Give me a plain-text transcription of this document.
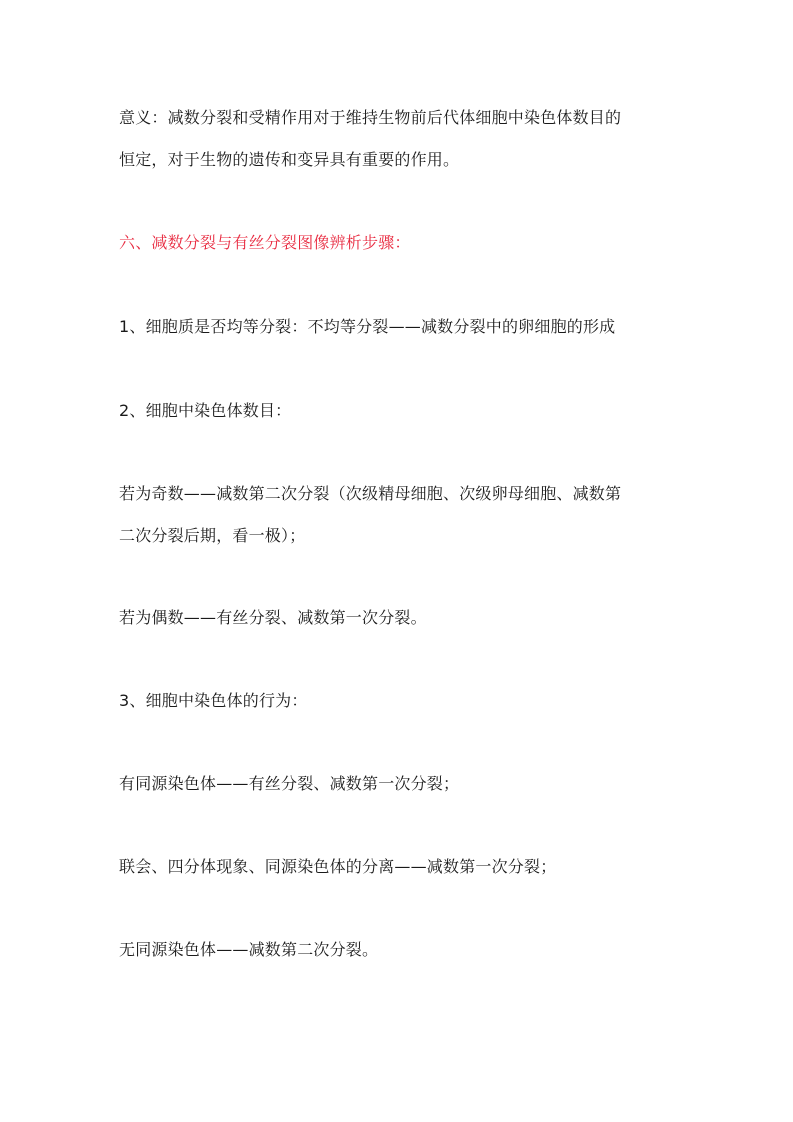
意义：减数分裂和受精作用对于维持生物前后代体细胞中染色体数目的
恒定，对于生物的遗传和变异具有重要的作用。
六、减数分裂与有丝分裂图像辨析步骤：
1、细胞质是否均等分裂：不均等分裂——减数分裂中的卵细胞的形成
2、细胞中染色体数目：
若为奇数——减数第二次分裂（次级精母细胞、次级卵母细胞、减数第
二次分裂后期，看一极）；
若为偶数——有丝分裂、减数第一次分裂。
3、细胞中染色体的行为：
有同源染色体——有丝分裂、减数第一次分裂；
联会、四分体现象、同源染色体的分离——减数第一次分裂；
无同源染色体——减数第二次分裂。
